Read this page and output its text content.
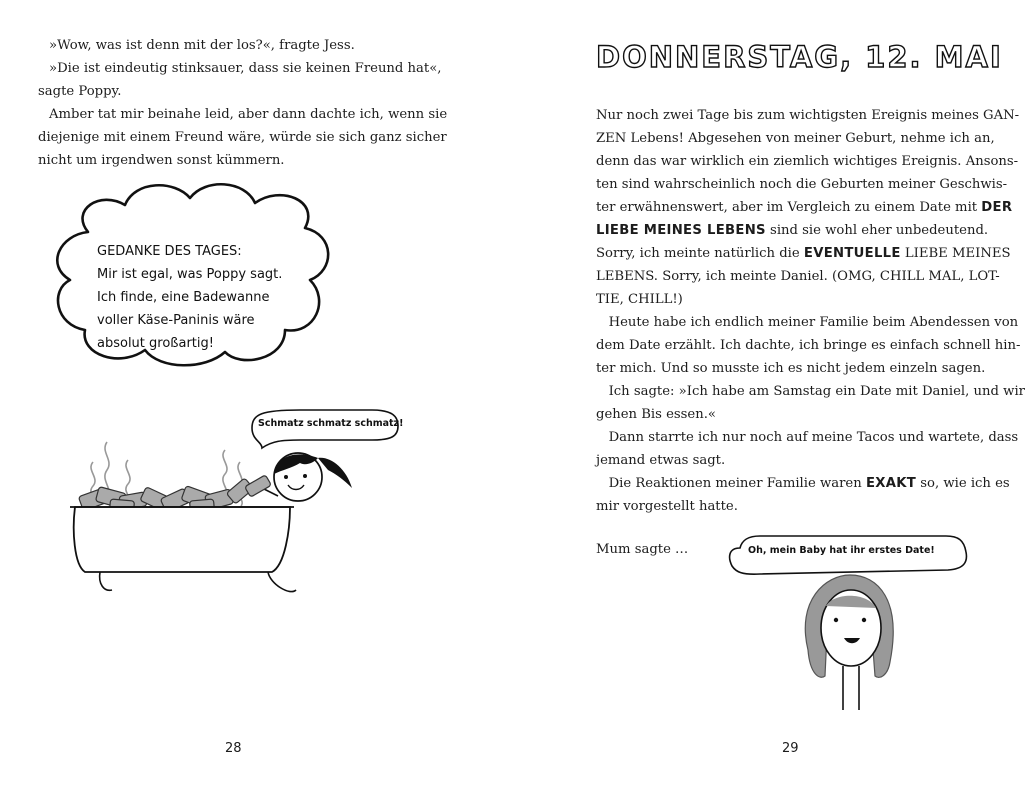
»Wow, was ist denn mit der los?«, fragte Jess.

»Die ist eindeutig stinksauer, dass sie keinen Freund hat«,

sagte Poppy.

Amber tat mir beinahe leid, aber dann dachte ich, wenn sie

diejenige mit einem Freund wäre, würde sie sich ganz sicher

nicht um irgendwen sonst kümmern.

GEDANKE DES TAGES:
Mir ist egal, was Poppy sagt.
Ich finde, eine Badewanne
voller Käse-Paninis wäre
absolut großartig!
Schmatz schmatz schmatz!
28
DONNERSTAG, 12. MAI
Nur noch zwei Tage bis zum wichtigsten Ereignis meines GAN-
ZEN Lebens! Abgesehen von meiner Geburt, nehme ich an,
denn das war wirklich ein ziemlich wichtiges Ereignis. Ansons-
ten sind wahrscheinlich noch die Geburten meiner Geschwis-
ter erwähnenswert, aber im Vergleich zu einem Date mit DER
LIEBE MEINES LEBENS sind sie wohl eher unbedeutend.
Sorry, ich meinte natürlich die EVENTUELLE LIEBE MEINES
LEBENS. Sorry, ich meinte Daniel. (OMG, CHILL MAL, LOT-
TIE, CHILL!)
Heute habe ich endlich meiner Familie beim Abendessen von
dem Date erzählt. Ich dachte, ich bringe es einfach schnell hin-
ter mich. Und so musste ich es nicht jedem einzeln sagen.
Ich sagte: »Ich habe am Samstag ein Date mit Daniel, und wir
gehen Bis essen.«
Dann starrte ich nur noch auf meine Tacos und wartete, dass
jemand etwas sagt.
Die Reaktionen meiner Familie waren EXAKT so, wie ich es
mir vorgestellt hatte.
Mum sagte …	Oh, mein Baby hat ihr erstes Date!
29
